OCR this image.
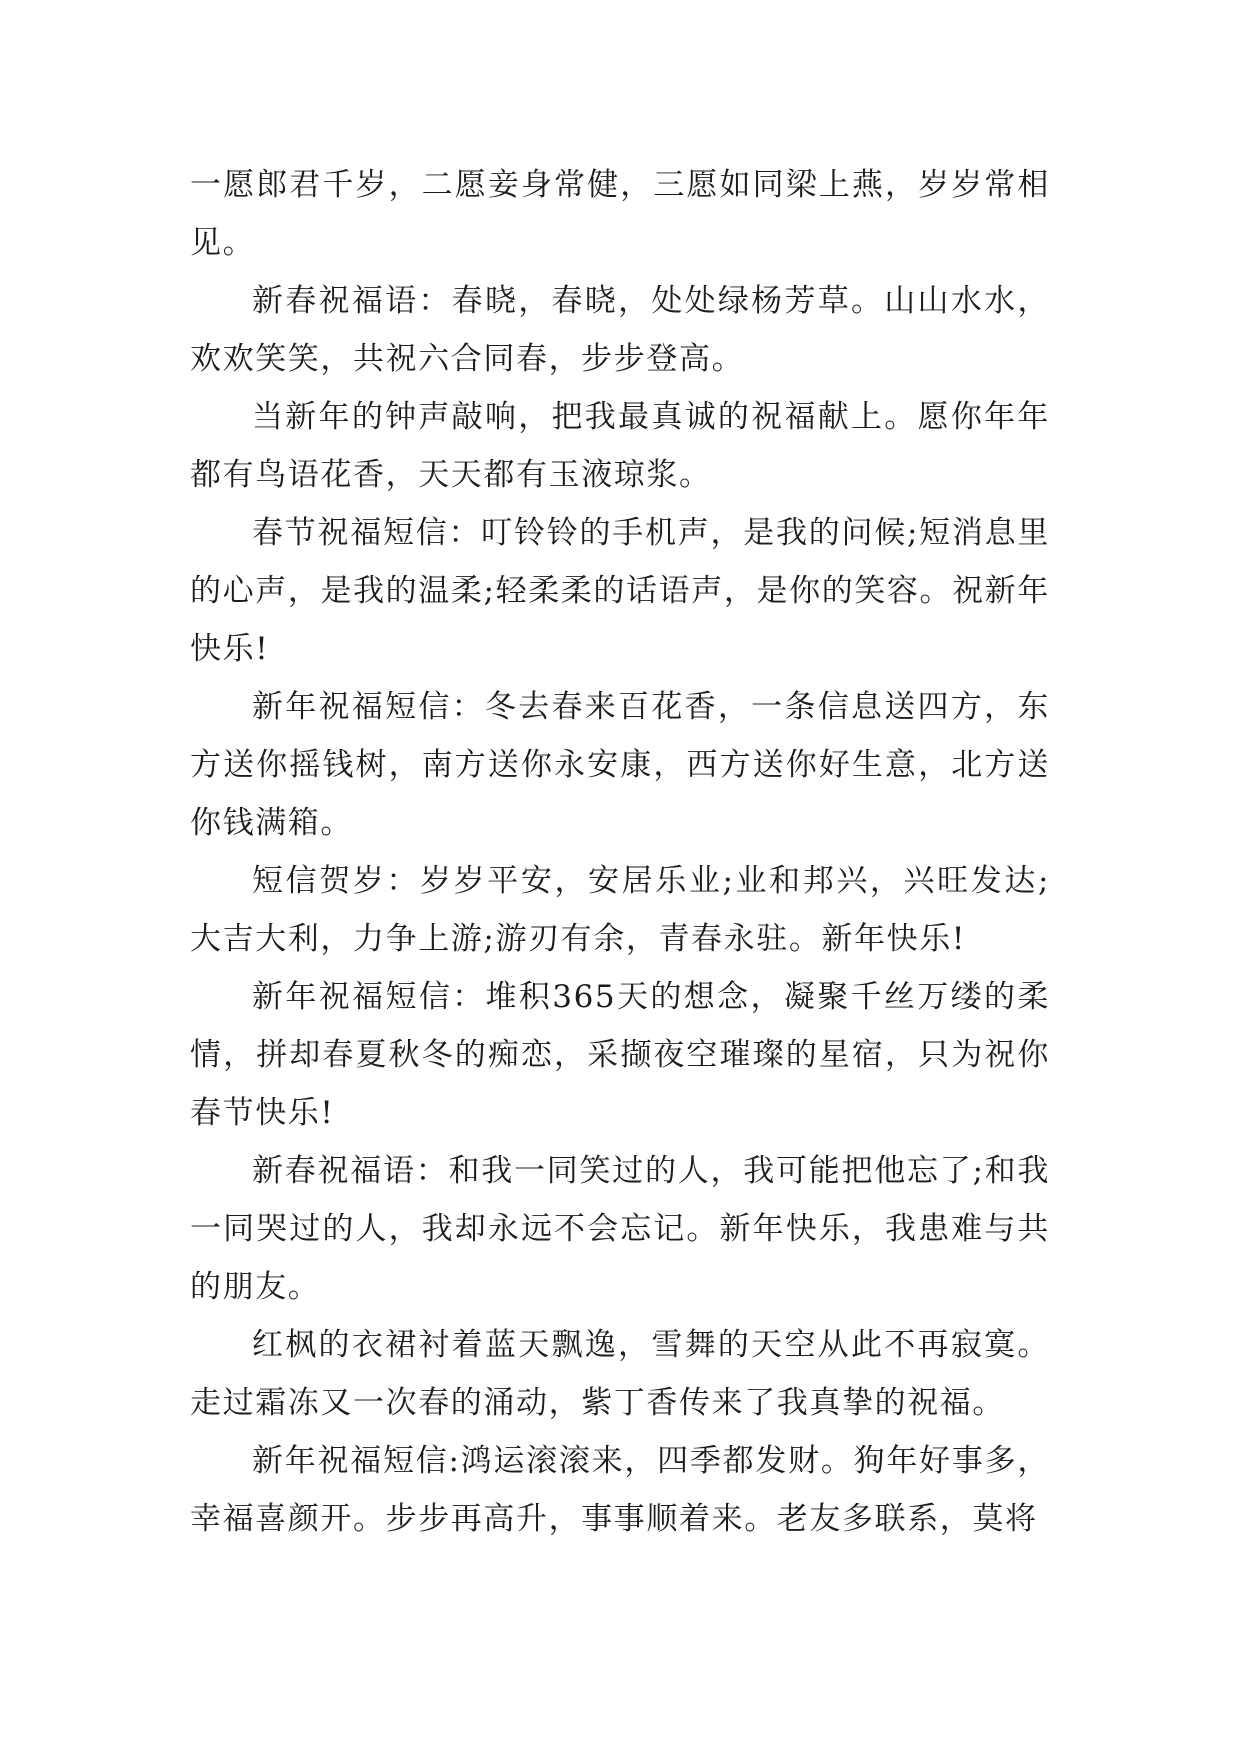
一愿郎君千岁，二愿妾身常健，三愿如同梁上燕，岁岁常相见。

新春祝福语：春晓，春晓，处处绿杨芳草。山山水水，欢欢笑笑，共祝六合同春，步步登高。

当新年的钟声敲响，把我最真诚的祝福献上。愿你年年都有鸟语花香，天天都有玉液琼浆。

春节祝福短信：叮铃铃的手机声，是我的问候;短消息里的心声，是我的温柔;轻柔柔的话语声，是你的笑容。祝新年快乐!

新年祝福短信：冬去春来百花香，一条信息送四方，东方送你摇钱树，南方送你永安康，西方送你好生意，北方送你钱满箱。

短信贺岁：岁岁平安，安居乐业;业和邦兴，兴旺发达;大吉大利，力争上游;游刃有余，青春永驻。新年快乐!

新年祝福短信：堆积365天的想念，凝聚千丝万缕的柔情，拼却春夏秋冬的痴恋，采撷夜空璀璨的星宿，只为祝你春节快乐!

新春祝福语：和我一同笑过的人，我可能把他忘了;和我一同哭过的人，我却永远不会忘记。新年快乐，我患难与共的朋友。

红枫的衣裙衬着蓝天飘逸，雪舞的天空从此不再寂寞。走过霜冻又一次春的涌动，紫丁香传来了我真挚的祝福。

新年祝福短信:鸿运滚滚来，四季都发财。狗年好事多，幸福喜颜开。步步再高升，事事顺着来。老友多联系，莫将
